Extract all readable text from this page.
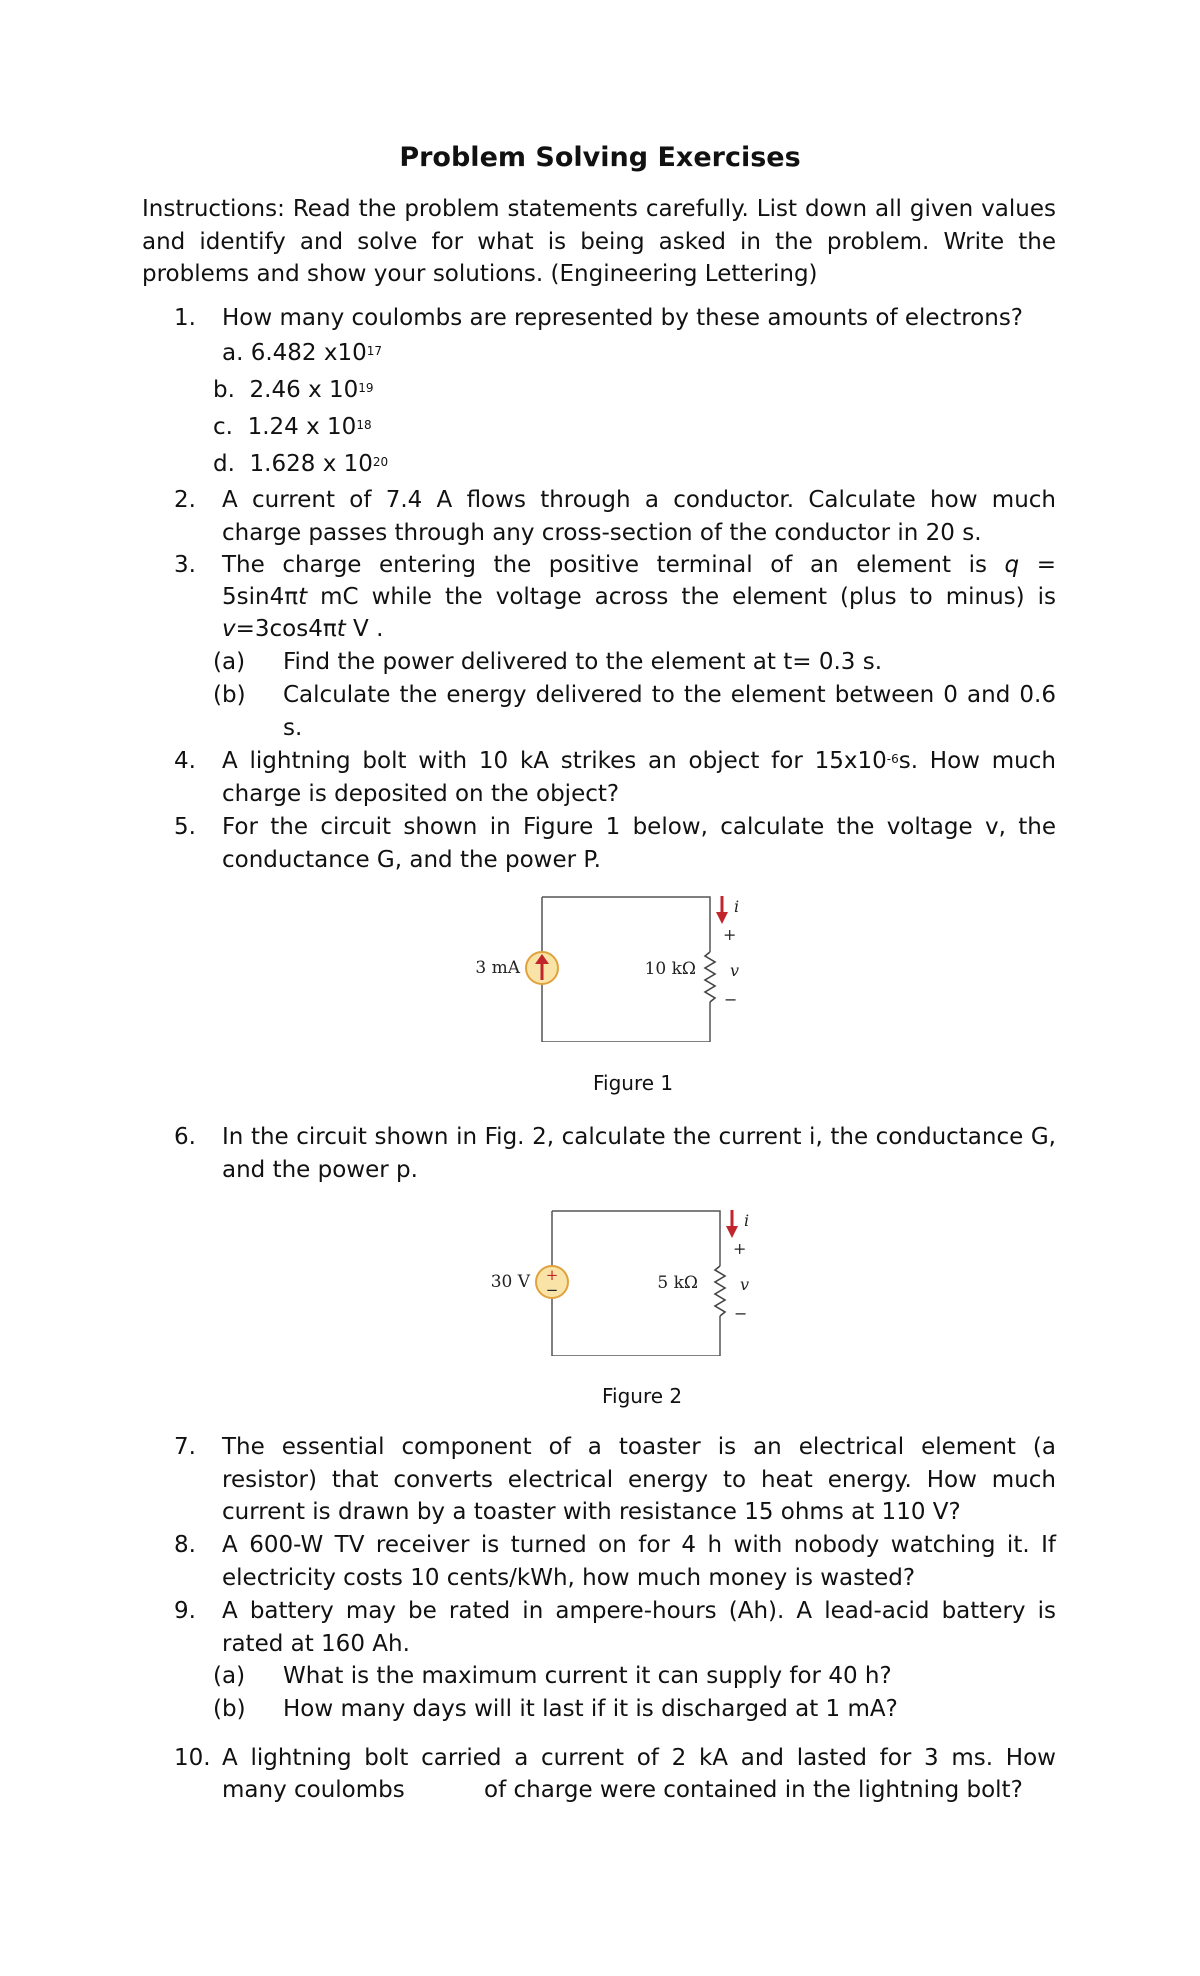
Problem Solving Exercises
Instructions: Read the problem statements carefully. List down all given values and identify and solve for what is being asked in the problem. Write the problems and show your solutions. (Engineering Lettering)
1. How many coulombs are represented by these amounts of electrons?
a. 6.482 $x10^{17}$
b. 2.46 x $10^{19}$
c. 1.24 x $10^{18}$
d. 1.628 x $10^{20}$
2. A current of 7.4 A flows through a conductor. Calculate how much charge passes through any cross-section of the conductor in 20 s.
3. The charge entering the positive terminal of an element is q =
5sin4πt mC while the voltage across the element (plus to minus) is
v=3cos4πt V .
(a) Find the power delivered to the element at t= 0.3 s.
(b) Calculate the energy delivered to the element between 0 and 0.6 s.
4. A lightning bolt with 10 kA strikes an object for $15x10^{-6}s$. How much charge is deposited on the object?
5. For the circuit shown in Figure 1 below, calculate the voltage v, the conductance G, and the power P.
i
+
v
−
3 mA	10 kΩ
Figure 1
6. In the circuit shown in Fig. 2, calculate the current i, the conductance G, and the power p.
+
−
i
+
v
−
30 V	5 kΩ
Figure 2
7. The essential component of a toaster is an electrical element (a resistor) that converts electrical energy to heat energy. How much current is drawn by a toaster with resistance 15 ohms at 110 V?
8. A 600-W TV receiver is turned on for 4 h with nobody watching it. If electricity costs 10 cents/kWh, how much money is wasted?
9. A battery may be rated in ampere-hours (Ah). A lead-acid battery is rated at 160 Ah.
(a) What is the maximum current it can supply for 40 h?
(b) How many days will it last if it is discharged at 1 mA?
10. A lightning bolt carried a current of 2 kA and lasted for 3 ms. How
many coulombs	of charge were contained in the lightning bolt?
